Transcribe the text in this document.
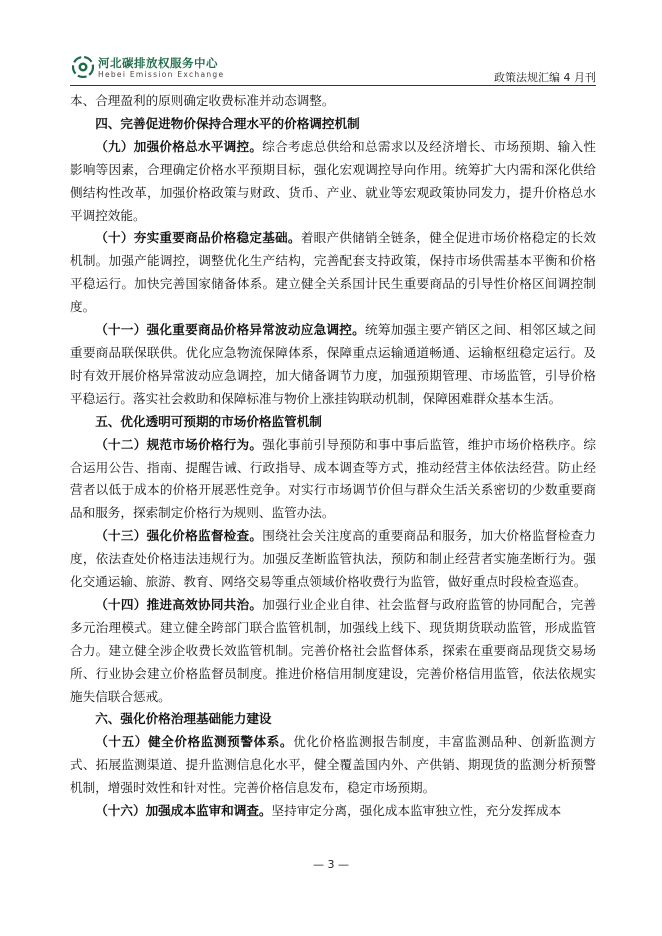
河北碳排放权服务中心
Hebei Emission Exchange	政策法规汇编 4 月刊

本、合理盈利的原则确定收费标准并动态调整。

四、完善促进物价保持合理水平的价格调控机制

（九）加强价格总水平调控。综合考虑总供给和总需求以及经济增长、市场预期、输入性影响等因素，合理确定价格水平预期目标，强化宏观调控导向作用。统筹扩大内需和深化供给侧结构性改革，加强价格政策与财政、货币、产业、就业等宏观政策协同发力，提升价格总水平调控效能。

（十）夯实重要商品价格稳定基础。着眼产供储销全链条，健全促进市场价格稳定的长效机制。加强产能调控，调整优化生产结构，完善配套支持政策，保持市场供需基本平衡和价格平稳运行。加快完善国家储备体系。建立健全关系国计民生重要商品的引导性价格区间调控制度。

（十一）强化重要商品价格异常波动应急调控。统筹加强主要产销区之间、相邻区域之间重要商品联保联供。优化应急物流保障体系，保障重点运输通道畅通、运输枢纽稳定运行。及时有效开展价格异常波动应急调控，加大储备调节力度，加强预期管理、市场监管，引导价格平稳运行。落实社会救助和保障标准与物价上涨挂钩联动机制，保障困难群众基本生活。

五、优化透明可预期的市场价格监管机制

（十二）规范市场价格行为。强化事前引导预防和事中事后监管，维护市场价格秩序。综合运用公告、指南、提醒告诫、行政指导、成本调查等方式，推动经营主体依法经营。防止经营者以低于成本的价格开展恶性竞争。对实行市场调节价但与群众生活关系密切的少数重要商品和服务，探索制定价格行为规则、监管办法。

（十三）强化价格监督检查。围绕社会关注度高的重要商品和服务，加大价格监督检查力度，依法查处价格违法违规行为。加强反垄断监管执法，预防和制止经营者实施垄断行为。强化交通运输、旅游、教育、网络交易等重点领域价格收费行为监管，做好重点时段检查巡查。

（十四）推进高效协同共治。加强行业企业自律、社会监督与政府监管的协同配合，完善多元治理模式。建立健全跨部门联合监管机制，加强线上线下、现货期货联动监管，形成监管合力。建立健全涉企收费长效监管机制。完善价格社会监督体系，探索在重要商品现货交易场所、行业协会建立价格监督员制度。推进价格信用制度建设，完善价格信用监管，依法依规实施失信联合惩戒。

六、强化价格治理基础能力建设

（十五）健全价格监测预警体系。优化价格监测报告制度，丰富监测品种、创新监测方式、拓展监测渠道、提升监测信息化水平，健全覆盖国内外、产供销、期现货的监测分析预警机制，增强时效性和针对性。完善价格信息发布，稳定市场预期。

（十六）加强成本监审和调查。坚持审定分离，强化成本监审独立性，充分发挥成本

— 3 —
